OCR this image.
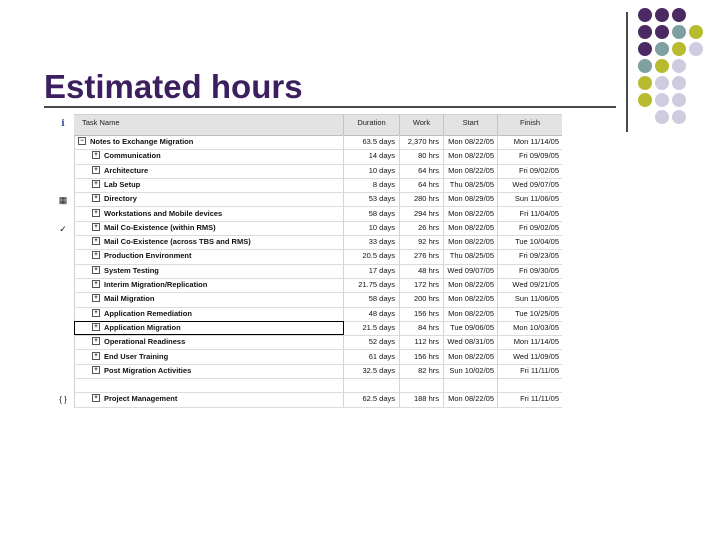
Estimated hours
i
▦
✓
{ }
Task Name	Duration	Work	Start	Finish
− Notes to Exchange Migration	63.5 days	2,370 hrs	Mon 08/22/05	Mon 11/14/05
+ Communication	14 days	80 hrs	Mon 08/22/05	Fri 09/09/05
+ Architecture	10 days	64 hrs	Mon 08/22/05	Fri 09/02/05
+ Lab Setup	8 days	64 hrs	Thu 08/25/05	Wed 09/07/05
+ Directory	53 days	280 hrs	Mon 08/29/05	Sun 11/06/05
+ Workstations and Mobile devices	58 days	294 hrs	Mon 08/22/05	Fri 11/04/05
+ Mail Co-Existence (within RMS)	10 days	26 hrs	Mon 08/22/05	Fri 09/02/05
+ Mail Co-Existence (across TBS and RMS)	33 days	92 hrs	Mon 08/22/05	Tue 10/04/05
+ Production Environment	20.5 days	276 hrs	Thu 08/25/05	Fri 09/23/05
+ System Testing	17 days	48 hrs	Wed 09/07/05	Fri 09/30/05
+ Interim Migration/Replication	21.75 days	172 hrs	Mon 08/22/05	Wed 09/21/05
+ Mail Migration	58 days	200 hrs	Mon 08/22/05	Sun 11/06/05
+ Application Remediation	48 days	156 hrs	Mon 08/22/05	Tue 10/25/05
+ Application Migration	21.5 days	84 hrs	Tue 09/06/05	Mon 10/03/05
+ Operational Readiness	52 days	112 hrs	Wed 08/31/05	Mon 11/14/05
+ End User Training	61 days	156 hrs	Mon 08/22/05	Wed 11/09/05
+ Post Migration Activities	32.5 days	82 hrs	Sun 10/02/05	Fri 11/11/05
+ Project Management	62.5 days	188 hrs	Mon 08/22/05	Fri 11/11/05
